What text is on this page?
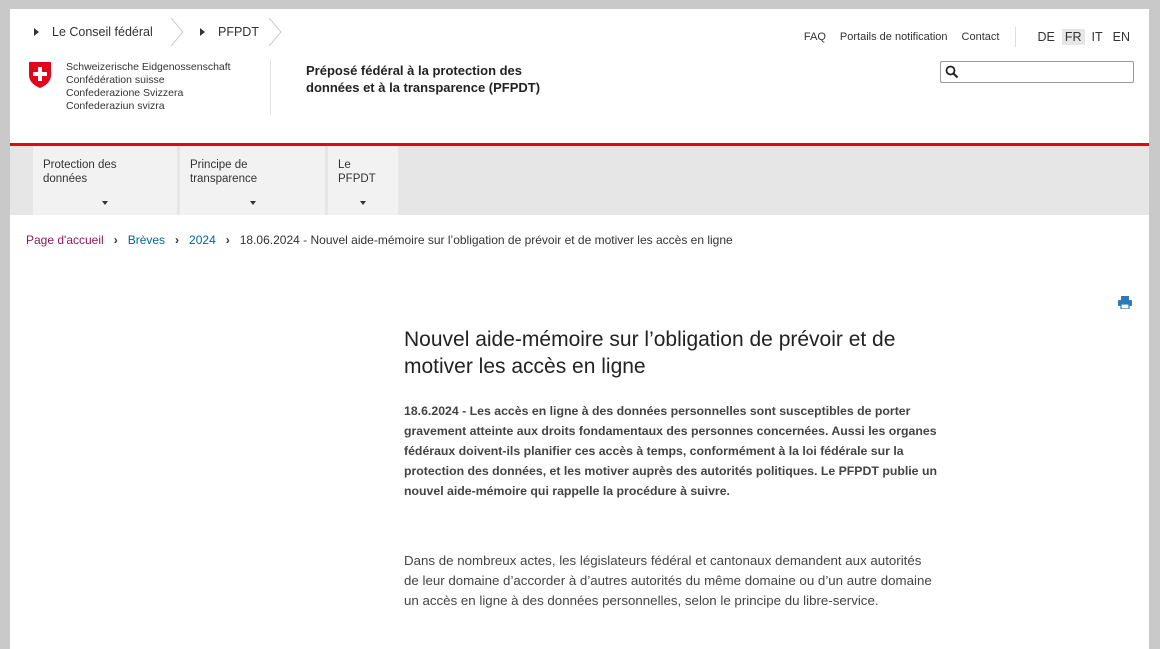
Le Conseil fédéral	PFPDT	FAQ Portails de notification Contact	DE FR IT EN
Schweizerische Eidgenossenschaft
Confédération suisse
Confederazione Svizzera
Confederaziun svizra
Préposé fédéral à la protection des
données et à la transparence (PFPDT)
Protection des
données
Principe de
transparence
Le PFPDT
Page d'accueil › Brèves › 2024 › 18.06.2024 - Nouvel aide-mémoire sur l’obligation de prévoir et de motiver les accès en ligne
Nouvel aide-mémoire sur l’obligation de prévoir et de motiver les accès en ligne

18.6.2024 - Les accès en ligne à des données personnelles sont susceptibles de porter gravement atteinte aux droits fondamentaux des personnes concernées. Aussi les organes fédéraux doivent-ils planifier ces accès à temps, conformément à la loi fédérale sur la protection des données, et les motiver auprès des autorités politiques. Le PFPDT publie un nouvel aide-mémoire qui rappelle la procédure à suivre.

Dans de nombreux actes, les législateurs fédéral et cantonaux demandent aux autorités de leur domaine d’accorder à d’autres autorités du même domaine ou d’un autre domaine un accès en ligne à des données personnelles, selon le principe du libre-service.
